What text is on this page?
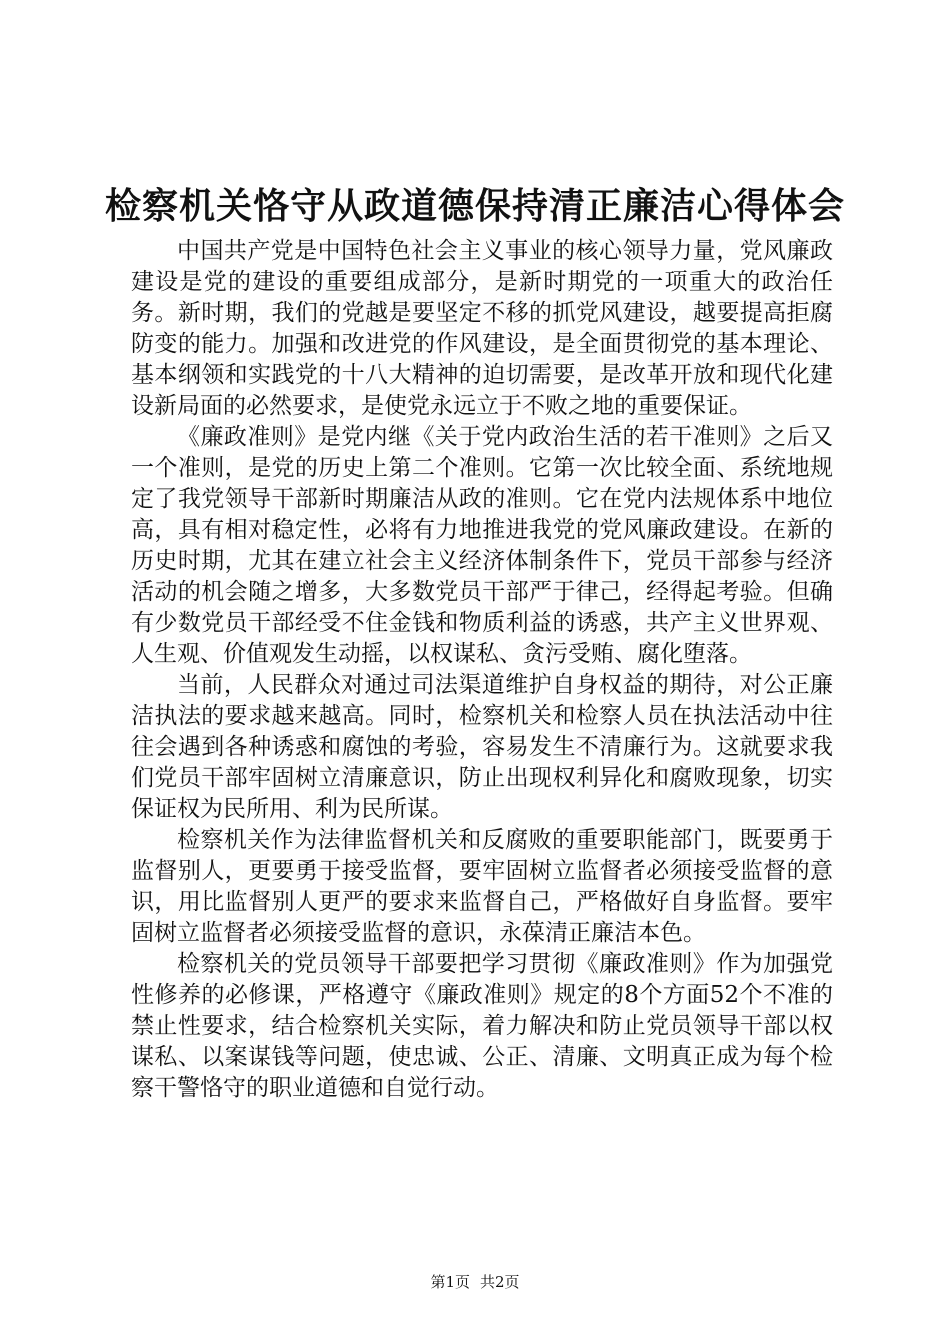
检察机关恪守从政道德保持清正廉洁心得体会

中国共产党是中国特色社会主义事业的核心领导力量，党风廉政建设是党的建设的重要组成部分，是新时期党的一项重大的政治任务。新时期，我们的党越是要坚定不移的抓党风建设，越要提高拒腐防变的能力。加强和改进党的作风建设，是全面贯彻党的基本理论、基本纲领和实践党的十八大精神的迫切需要，是改革开放和现代化建设新局面的必然要求，是使党永远立于不败之地的重要保证。

《廉政准则》是党内继《关于党内政治生活的若干准则》之后又一个准则，是党的历史上第二个准则。它第一次比较全面、系统地规定了我党领导干部新时期廉洁从政的准则。它在党内法规体系中地位高，具有相对稳定性，必将有力地推进我党的党风廉政建设。在新的历史时期，尤其在建立社会主义经济体制条件下，党员干部参与经济活动的机会随之增多，大多数党员干部严于律己，经得起考验。但确有少数党员干部经受不住金钱和物质利益的诱惑，共产主义世界观、人生观、价值观发生动摇，以权谋私、贪污受贿、腐化堕落。

当前，人民群众对通过司法渠道维护自身权益的期待，对公正廉洁执法的要求越来越高。同时，检察机关和检察人员在执法活动中往往会遇到各种诱惑和腐蚀的考验，容易发生不清廉行为。这就要求我们党员干部牢固树立清廉意识，防止出现权利异化和腐败现象，切实保证权为民所用、利为民所谋。

检察机关作为法律监督机关和反腐败的重要职能部门，既要勇于监督别人，更要勇于接受监督，要牢固树立监督者必须接受监督的意识，用比监督别人更严的要求来监督自己，严格做好自身监督。要牢固树立监督者必须接受监督的意识，永葆清正廉洁本色。

检察机关的党员领导干部要把学习贯彻《廉政准则》作为加强党性修养的必修课，严格遵守《廉政准则》规定的8个方面52个不准的禁止性要求，结合检察机关实际，着力解决和防止党员领导干部以权谋私、以案谋钱等问题，使忠诚、公正、清廉、文明真正成为每个检察干警恪守的职业道德和自觉行动。

第1页 共2页
